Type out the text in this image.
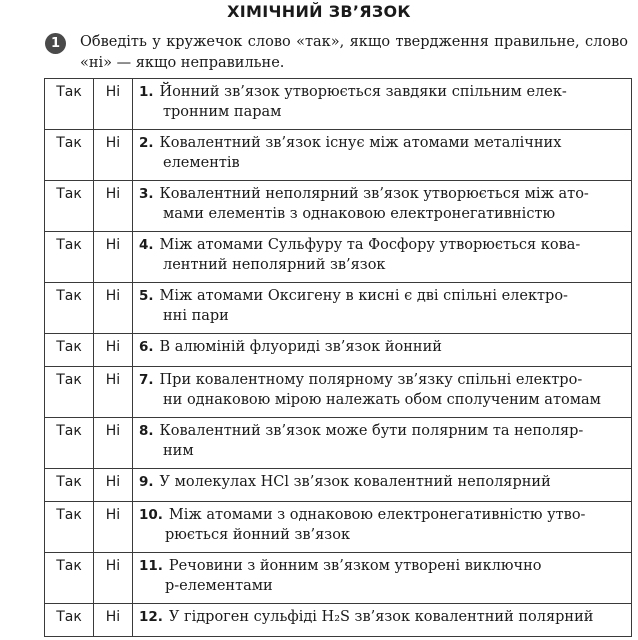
ХІМІЧНИЙ ЗВ’ЯЗОК
1	Обведіть у кружечок слово «так», якщо твердження правильне, слово «ні» — якщо неправильне.
Так	Ні	1. Йонний зв’язок утворюється завдяки спільним елек-
тронним парам

Так	Ні	2. Ковалентний зв’язок існує між атомами металічних
елементів

Так	Ні	3. Ковалентний неполярний зв’язок утворюється між ато-
мами елементів з однаковою електронегативністю

Так	Ні	4. Між атомами Сульфуру та Фосфору утворюється кова-
лентний неполярний зв’язок

Так	Ні	5. Між атомами Оксигену в кисні є дві спільні електро-
нні пари

Так	Ні	6. В алюміній флуориді зв’язок йонний

Так	Ні	7. При ковалентному полярному зв’язку спільні електро-
ни однаковою мірою належать обом сполученим атомам

Так	Ні	8. Ковалентний зв’язок може бути полярним та неполяр-
ним

Так	Ні	9. У молекулах HCl зв’язок ковалентний неполярний

Так	Ні	10. Між атомами з однаковою електронегативністю утво-
рюється йонний зв’язок

Так	Ні	11. Речовини з йонним зв’язком утворені виключно
p-елементами

Так	Ні	12. У гідроген сульфіді H₂S зв’язок ковалентний полярний
